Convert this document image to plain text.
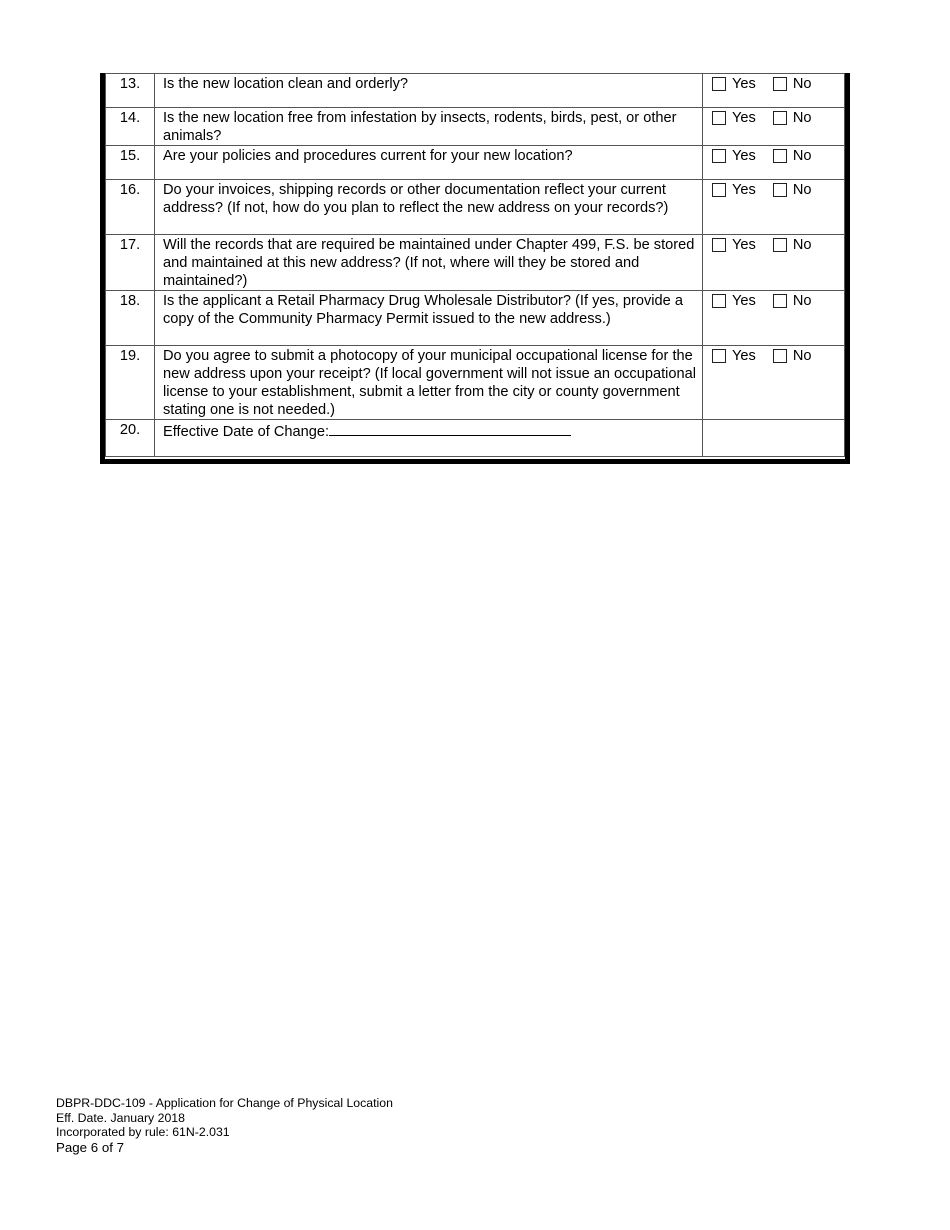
13.	Is the new location clean and orderly?	Yes No

14.	Is the new location free from infestation by insects, rodents, birds, pest, or other animals?	Yes No

15.	Are your policies and procedures current for your new location?	Yes No

16.	Do your invoices, shipping records or other documentation reflect your current address? (If not, how do you plan to reflect the new address on your records?)	Yes No

17.	Will the records that are required be maintained under Chapter 499, F.S. be stored and maintained at this new address? (If not, where will they be stored and maintained?)	Yes No

18.	Is the applicant a Retail Pharmacy Drug Wholesale Distributor? (If yes, provide a copy of the Community Pharmacy Permit issued to the new address.)	Yes No

19.	Do you agree to submit a photocopy of your municipal occupational license for the new address upon your receipt? (If local government will not issue an occupational license to your establishment, submit a letter from the city or county government stating one is not needed.)	Yes No

20.	Effective Date of Change:	
DBPR-DDC-109 - Application for Change of Physical Location
Eff. Date. January 2018
Incorporated by rule: 61N-2.031
Page 6 of 7
